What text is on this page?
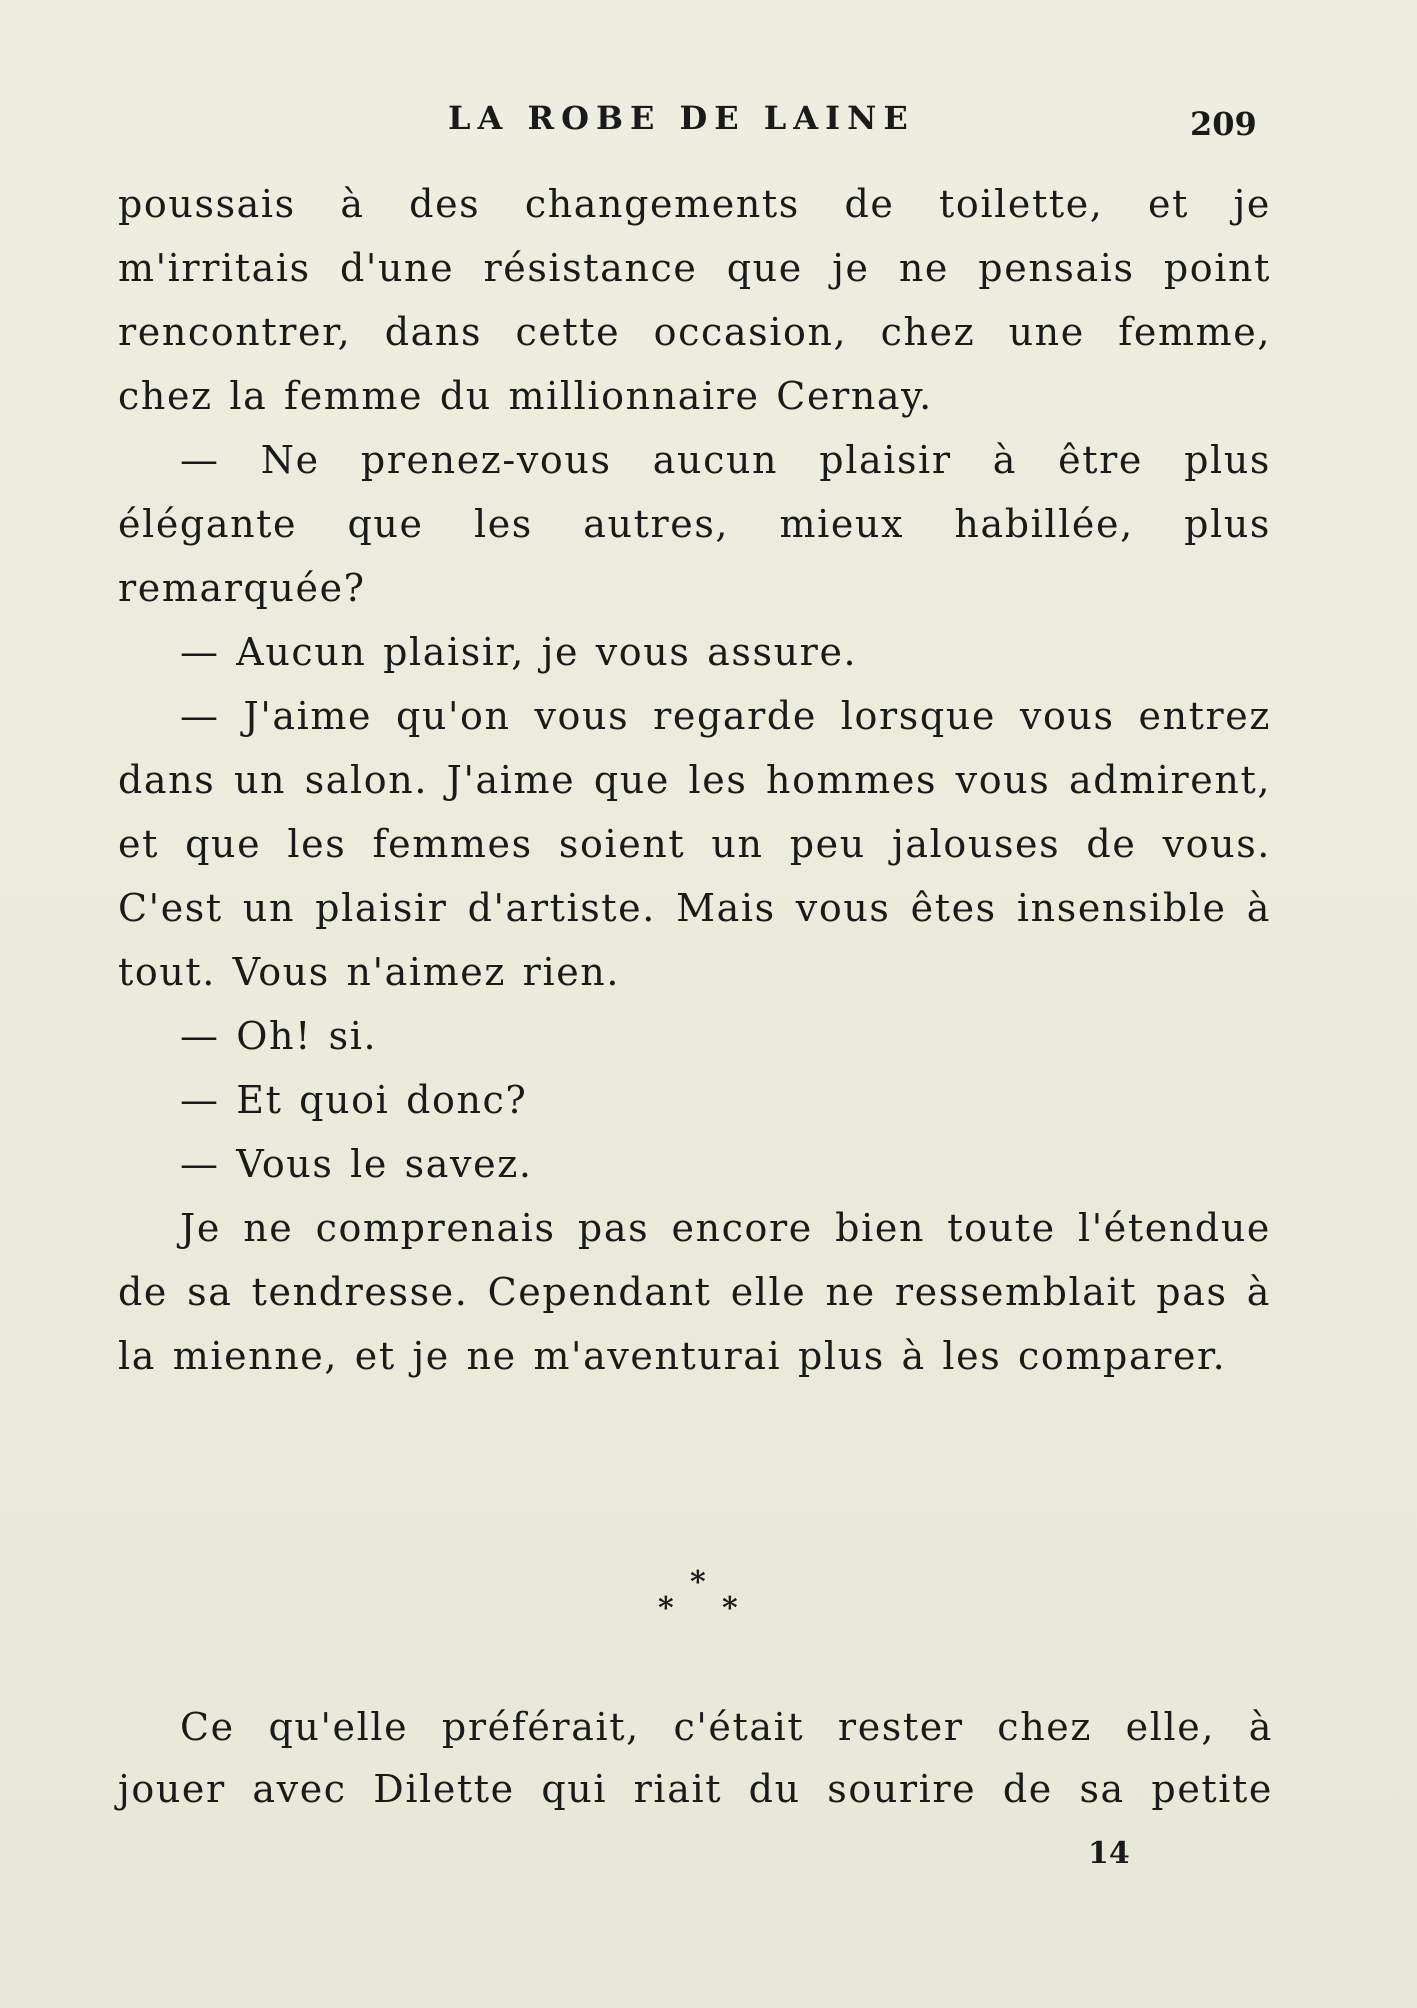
LA ROBE DE LAINE	209

poussais à des changements de toilette, et je m'irritais d'une résistance que je ne pensais point rencontrer, dans cette occasion, chez une femme, chez la femme du millionnaire Cernay.

— Ne prenez-vous aucun plaisir à être plus élégante que les autres, mieux habillée, plus remarquée?

— Aucun plaisir, je vous assure.

— J'aime qu'on vous regarde lorsque vous entrez dans un salon. J'aime que les hommes vous admirent, et que les femmes soient un peu jalouses de vous. C'est un plaisir d'artiste. Mais vous êtes insensible à tout. Vous n'aimez rien.

— Oh! si.

— Et quoi donc?

— Vous le savez.

Je ne comprenais pas encore bien toute l'étendue de sa tendresse. Cependant elle ne ressemblait pas à la mienne, et je ne m'aventurai plus à les comparer.

*
* *

Ce qu'elle préférait, c'était rester chez elle, à jouer avec Dilette qui riait du sourire de sa petite

14
